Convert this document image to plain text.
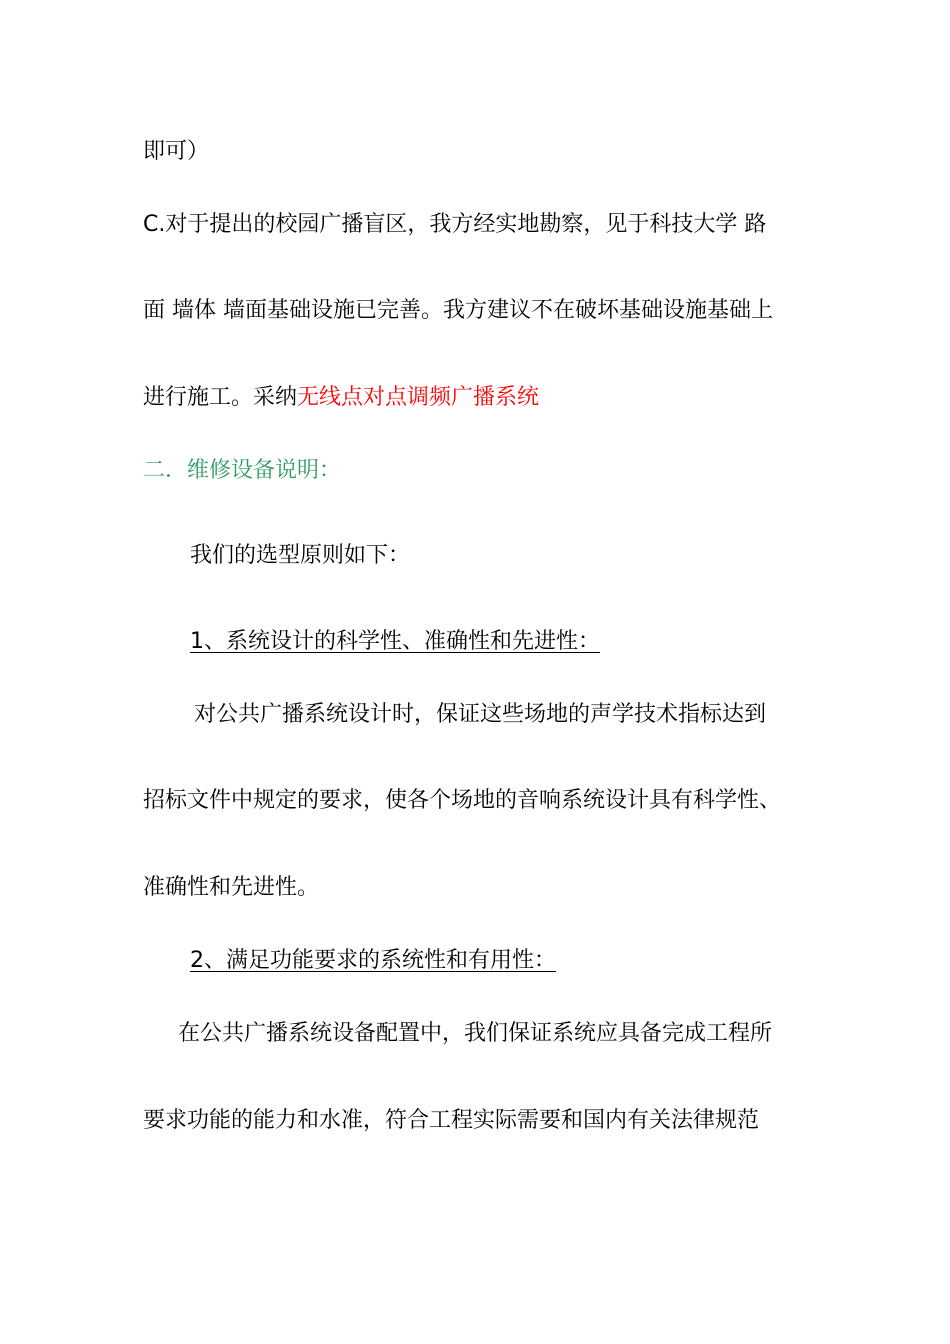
即可）
C.对于提出的校园广播盲区，我方经实地勘察，见于科技大学 路
面 墙体 墙面基础设施已完善。我方建议不在破坏基础设施基础上
进行施工。采纳无线点对点调频广播系统
二．维修设备说明：
我们的选型原则如下：
1、系统设计的科学性、准确性和先进性：
对公共广播系统设计时，保证这些场地的声学技术指标达到
招标文件中规定的要求，使各个场地的音响系统设计具有科学性、
准确性和先进性。
2、满足功能要求的系统性和有用性：
在公共广播系统设备配置中，我们保证系统应具备完成工程所
要求功能的能力和水准，符合工程实际需要和国内有关法律规范
